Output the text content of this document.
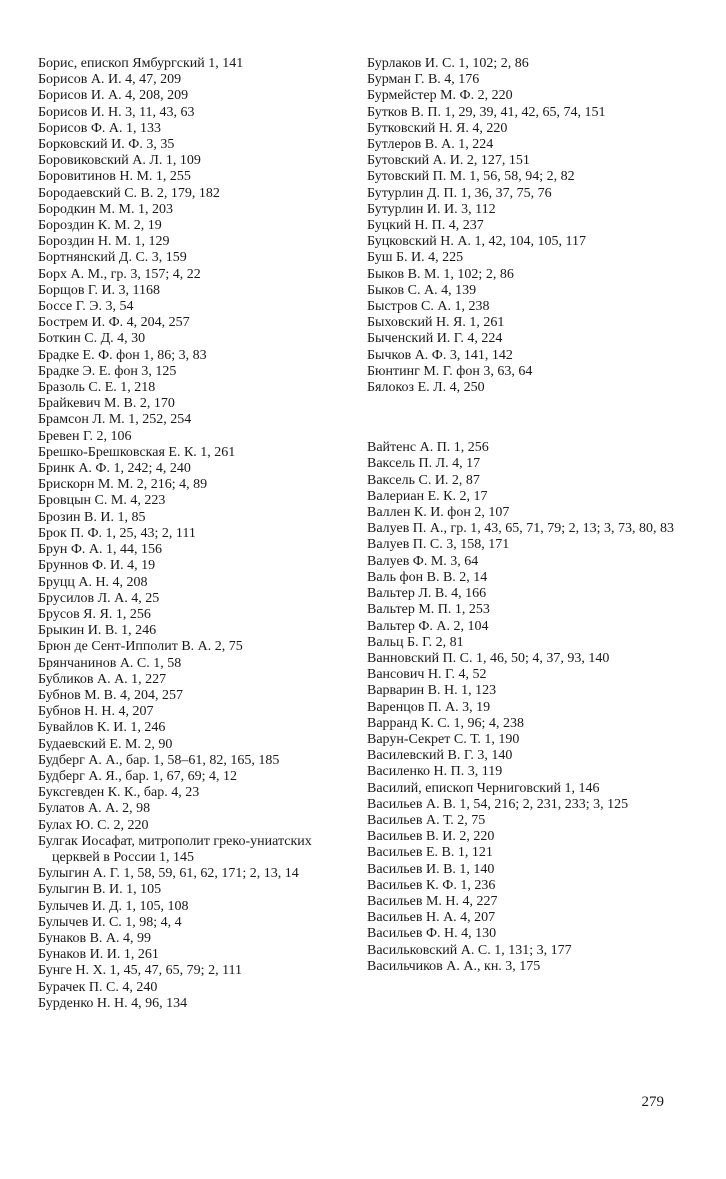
Борис, епископ Ямбургский 1, 141

Борисов А. И. 4, 47, 209

Борисов И. А. 4, 208, 209

Борисов И. Н. 3, 11, 43, 63

Борисов Ф. А. 1, 133

Борковский И. Ф. 3, 35

Боровиковский А. Л. 1, 109

Боровитинов Н. М. 1, 255

Бородаевский С. В. 2, 179, 182

Бородкин М. М. 1, 203

Бороздин К. М. 2, 19

Бороздин Н. М. 1, 129

Бортнянский Д. С. 3, 159

Борх А. М., гр. 3, 157; 4, 22

Борщов Г. И. 3, 1168

Боссе Г. Э. 3, 54

Бострем И. Ф. 4, 204, 257

Боткин С. Д. 4, 30

Брадке Е. Ф. фон 1, 86; 3, 83

Брадке Э. Е. фон 3, 125

Бразоль С. Е. 1, 218

Брайкевич М. В. 2, 170

Брамсон Л. М. 1, 252, 254

Бревен Г. 2, 106

Брешко-Брешковская Е. К. 1, 261

Бринк А. Ф. 1, 242; 4, 240

Брискорн М. М. 2, 216; 4, 89

Бровцын С. М. 4, 223

Брозин В. И. 1, 85

Брок П. Ф. 1, 25, 43; 2, 111

Брун Ф. А. 1, 44, 156

Бруннов Ф. И. 4, 19

Бруцц А. Н. 4, 208

Брусилов Л. А. 4, 25

Брусов Я. Я. 1, 256

Брыкин И. В. 1, 246

Брюн де Сент-Ипполит В. А. 2, 75

Брянчанинов А. С. 1, 58

Бубликов А. А. 1, 227

Бубнов М. В. 4, 204, 257

Бубнов Н. Н. 4, 207

Бувайлов К. И. 1, 246

Будаевский Е. М. 2, 90

Будберг А. А., бар. 1, 58–61, 82, 165, 185

Будберг А. Я., бар. 1, 67, 69; 4, 12

Буксгевден К. К., бар. 4, 23

Булатов А. А. 2, 98

Булах Ю. С. 2, 220

Булгак Иосафат, митрополит греко-униатских церквей в России 1, 145

Булыгин А. Г. 1, 58, 59, 61, 62, 171; 2, 13, 14

Булыгин В. И. 1, 105

Булычев И. Д. 1, 105, 108

Булычев И. С. 1, 98; 4, 4

Бунаков В. А. 4, 99

Бунаков И. И. 1, 261

Бунге Н. Х. 1, 45, 47, 65, 79; 2, 111

Бурачек П. С. 4, 240

Бурденко Н. Н. 4, 96, 134

Бурлаков И. С. 1, 102; 2, 86

Бурман Г. В. 4, 176

Бурмейстер М. Ф. 2, 220

Бутков В. П. 1, 29, 39, 41, 42, 65, 74, 151

Бутковский Н. Я. 4, 220

Бутлеров В. А. 1, 224

Бутовский А. И. 2, 127, 151

Бутовский П. М. 1, 56, 58, 94; 2, 82

Бутурлин Д. П. 1, 36, 37, 75, 76

Бутурлин И. И. 3, 112

Буцкий Н. П. 4, 237

Буцковский Н. А. 1, 42, 104, 105, 117

Буш Б. И. 4, 225

Быков В. М. 1, 102; 2, 86

Быков С. А. 4, 139

Быстров С. А. 1, 238

Быховский Н. Я. 1, 261

Быченский И. Г. 4, 224

Бычков А. Ф. 3, 141, 142

Бюнтинг М. Г. фон 3, 63, 64

Бялокоз Е. Л. 4, 250

Вайтенс А. П. 1, 256

Ваксель П. Л. 4, 17

Ваксель С. И. 2, 87

Валериан Е. К. 2, 17

Валлен К. И. фон 2, 107

Валуев П. А., гр. 1, 43, 65, 71, 79; 2, 13; 3, 73, 80, 83

Валуев П. С. 3, 158, 171

Валуев Ф. М. 3, 64

Валь фон В. В. 2, 14

Вальтер Л. В. 4, 166

Вальтер М. П. 1, 253

Вальтер Ф. А. 2, 104

Вальц Б. Г. 2, 81

Ванновский П. С. 1, 46, 50; 4, 37, 93, 140

Вансович Н. Г. 4, 52

Варварин В. Н. 1, 123

Варенцов П. А. 3, 19

Варранд К. С. 1, 96; 4, 238

Варун-Секрет С. Т. 1, 190

Василевский В. Г. 3, 140

Василенко Н. П. 3, 119

Василий, епископ Черниговский 1, 146

Васильев А. В. 1, 54, 216; 2, 231, 233; 3, 125

Васильев А. Т. 2, 75

Васильев В. И. 2, 220

Васильев Е. В. 1, 121

Васильев И. В. 1, 140

Васильев К. Ф. 1, 236

Васильев М. Н. 4, 227

Васильев Н. А. 4, 207

Васильев Ф. Н. 4, 130

Васильковский А. С. 1, 131; 3, 177

Васильчиков А. А., кн. 3, 175

279
